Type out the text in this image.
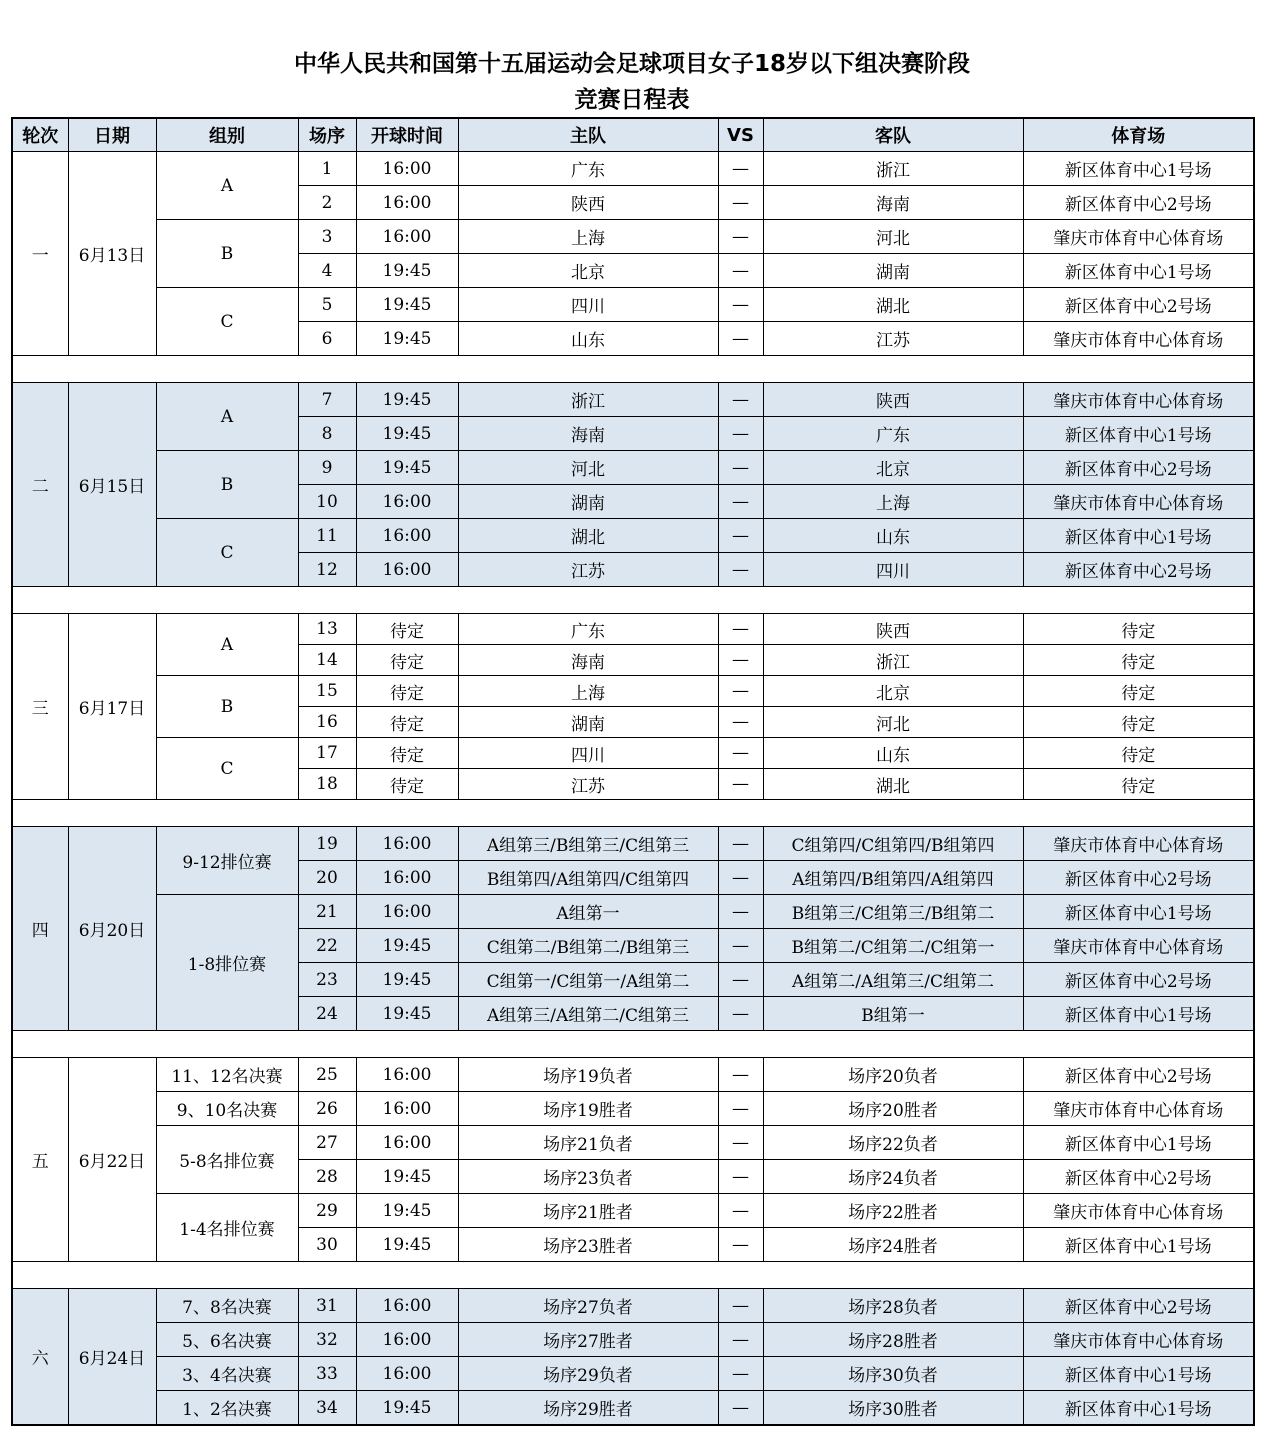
中华人民共和国第十五届运动会足球项目女子18岁以下组决赛阶段
竞赛日程表
轮次	日期	组别	场序	开球时间	主队	VS	客队	体育场
一	6月13日	A	1	16:00	广东	—	浙江	新区体育中心1号场
			2	16:00	陕西	—	海南	新区体育中心2号场
		B	3	16:00	上海	—	河北	肇庆市体育中心体育场
			4	19:45	北京	—	湖南	新区体育中心1号场
		C	5	19:45	四川	—	湖北	新区体育中心2号场
			6	19:45	山东	—	江苏	肇庆市体育中心体育场

二	6月15日	A	7	19:45	浙江	—	陕西	肇庆市体育中心体育场
			8	19:45	海南	—	广东	新区体育中心1号场
		B	9	19:45	河北	—	北京	新区体育中心2号场
			10	16:00	湖南	—	上海	肇庆市体育中心体育场
		C	11	16:00	湖北	—	山东	新区体育中心1号场
			12	16:00	江苏	—	四川	新区体育中心2号场

三	6月17日	A	13	待定	广东	—	陕西	待定
			14	待定	海南	—	浙江	待定
		B	15	待定	上海	—	北京	待定
			16	待定	湖南	—	河北	待定
		C	17	待定	四川	—	山东	待定
			18	待定	江苏	—	湖北	待定

四	6月20日	9-12排位赛	19	16:00	A组第三/B组第三/C组第三	—	C组第四/C组第四/B组第四	肇庆市体育中心体育场
			20	16:00	B组第四/A组第四/C组第四	—	A组第四/B组第四/A组第四	新区体育中心2号场
		1-8排位赛	21	16:00	A组第一	—	B组第三/C组第三/B组第二	新区体育中心1号场
			22	19:45	C组第二/B组第二/B组第三	—	B组第二/C组第二/C组第一	肇庆市体育中心体育场
			23	19:45	C组第一/C组第一/A组第二	—	A组第二/A组第三/C组第二	新区体育中心2号场
			24	19:45	A组第三/A组第二/C组第三	—	B组第一	新区体育中心1号场

五	6月22日	11、12名决赛	25	16:00	场序19负者	—	场序20负者	新区体育中心2号场
		9、10名决赛	26	16:00	场序19胜者	—	场序20胜者	肇庆市体育中心体育场
		5-8名排位赛	27	16:00	场序21负者	—	场序22负者	新区体育中心1号场
			28	19:45	场序23负者	—	场序24负者	新区体育中心2号场
		1-4名排位赛	29	19:45	场序21胜者	—	场序22胜者	肇庆市体育中心体育场
			30	19:45	场序23胜者	—	场序24胜者	新区体育中心1号场

六	6月24日	7、8名决赛	31	16:00	场序27负者	—	场序28负者	新区体育中心2号场
		5、6名决赛	32	16:00	场序27胜者	—	场序28胜者	肇庆市体育中心体育场
		3、4名决赛	33	16:00	场序29负者	—	场序30负者	新区体育中心1号场
		1、2名决赛	34	19:45	场序29胜者	—	场序30胜者	新区体育中心1号场
